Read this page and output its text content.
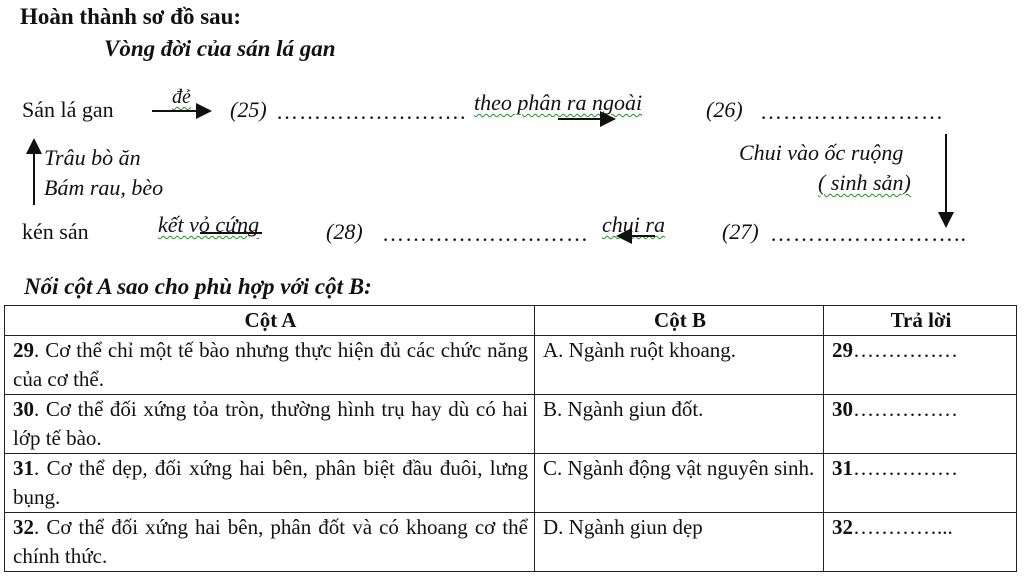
Hoàn thành sơ đồ sau:
Vòng đời của sán lá gan
Sán lá gan	đẻ (25) ……………………. theo phân ra ngoài	(26) ……………………
Trâu bò ăn
Bám rau, bèo
Chui vào ốc ruộng
( sinh sản)
kén sán	kết vỏ cứng	(28) ……………………… chui ra	(27) ……………………..
Nối cột A sao cho phù hợp với cột B:
Cột A	Cột B	Trả lời
29. Cơ thể chỉ một tế bào nhưng thực hiện đủ các chức năng của cơ thể.	A. Ngành ruột khoang.	29……………
30. Cơ thể đối xứng tỏa tròn, thường hình trụ hay dù có hai lớp tế bào.	B. Ngành giun đốt.	30……………
31. Cơ thể dẹp, đối xứng hai bên, phân biệt đầu đuôi, lưng bụng.	C. Ngành động vật nguyên sinh.	31……………
32. Cơ thể đối xứng hai bên, phân đốt và có khoang cơ thể chính thức.	D. Ngành giun dẹp	32…………...
